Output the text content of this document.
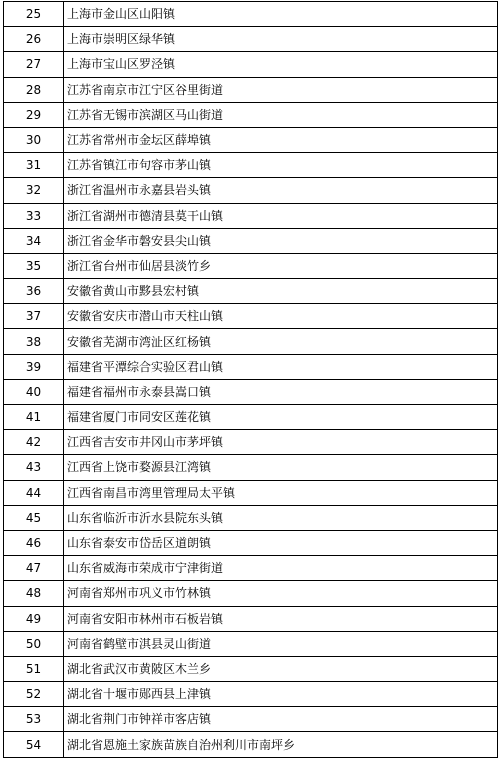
25	上海市金山区山阳镇
26	上海市崇明区绿华镇
27	上海市宝山区罗泾镇
28	江苏省南京市江宁区谷里街道
29	江苏省无锡市滨湖区马山街道
30	江苏省常州市金坛区薛埠镇
31	江苏省镇江市句容市茅山镇
32	浙江省温州市永嘉县岩头镇
33	浙江省湖州市德清县莫干山镇
34	浙江省金华市磐安县尖山镇
35	浙江省台州市仙居县淡竹乡
36	安徽省黄山市黟县宏村镇
37	安徽省安庆市潜山市天柱山镇
38	安徽省芜湖市湾沚区红杨镇
39	福建省平潭综合实验区君山镇
40	福建省福州市永泰县嵩口镇
41	福建省厦门市同安区莲花镇
42	江西省吉安市井冈山市茅坪镇
43	江西省上饶市婺源县江湾镇
44	江西省南昌市湾里管理局太平镇
45	山东省临沂市沂水县院东头镇
46	山东省泰安市岱岳区道朗镇
47	山东省威海市荣成市宁津街道
48	河南省郑州市巩义市竹林镇
49	河南省安阳市林州市石板岩镇
50	河南省鹤壁市淇县灵山街道
51	湖北省武汉市黄陂区木兰乡
52	湖北省十堰市郧西县上津镇
53	湖北省荆门市钟祥市客店镇
54	湖北省恩施土家族苗族自治州利川市南坪乡
